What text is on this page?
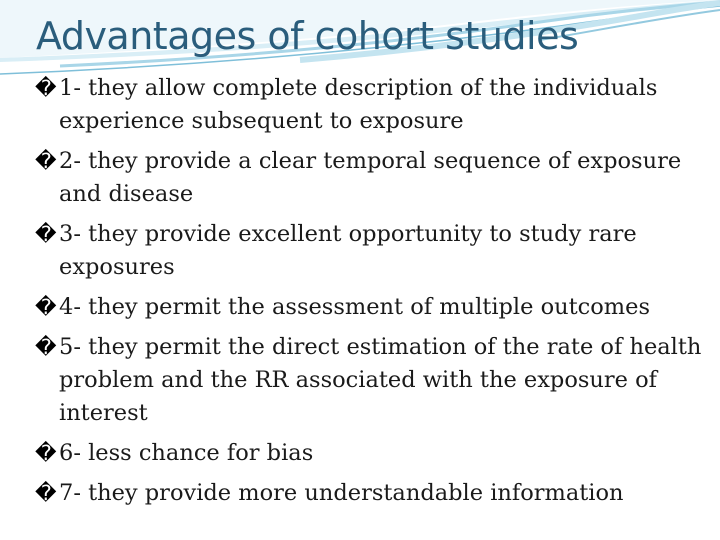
Advantages of cohort studies
� 1- they allow complete description of the individuals experience subsequent to exposure
� 2- they provide a clear temporal sequence of exposure and disease
� 3- they provide excellent opportunity to study rare exposures
� 4- they permit the assessment of multiple outcomes
� 5- they permit the direct estimation of the rate of health problem and the RR associated with the exposure of interest
� 6- less chance for bias
� 7- they provide more understandable information
